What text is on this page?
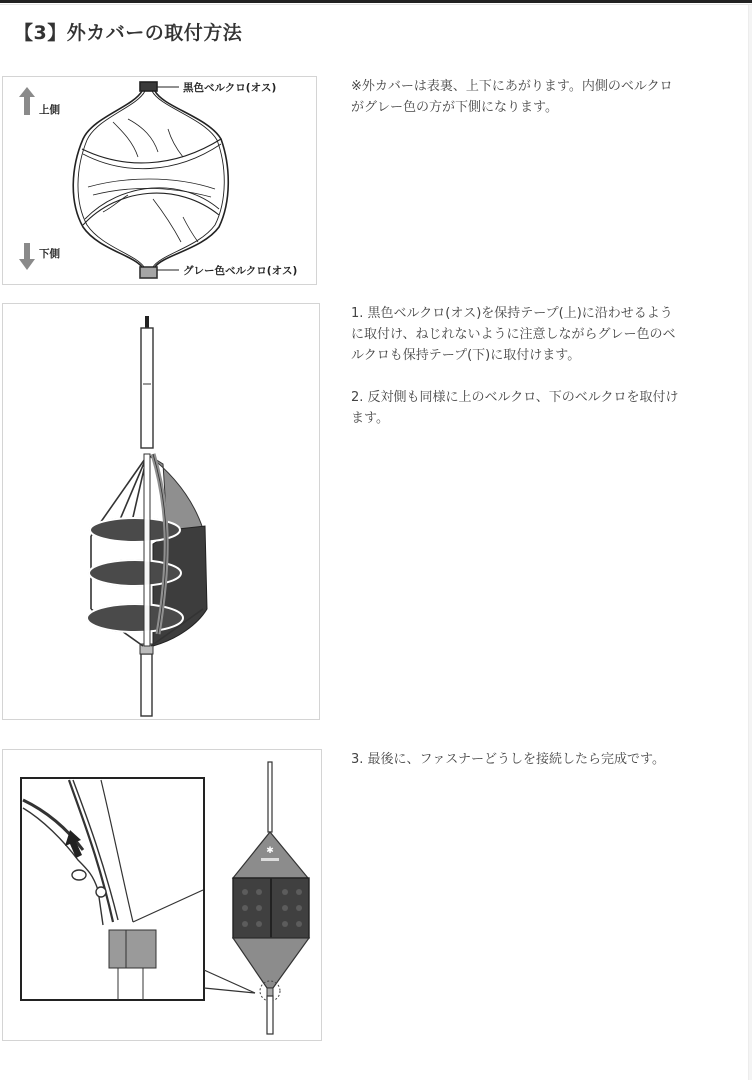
【3】外カバーの取付方法
上側
下側
黒色ベルクロ(オス)
グレー色ベルクロ(オス)
✱

※外カバーは表裏、上下にあがります。内側のベルクロがグレー色の方が下側になります。

1. 黒色ベルクロ(オス)を保持テープ(上)に沿わせるように取付け、ねじれないように注意しながらグレー色のベルクロも保持テープ(下)に取付けます。

2. 反対側も同様に上のベルクロ、下のベルクロを取付けます。

3. 最後に、ファスナーどうしを接続したら完成です。
